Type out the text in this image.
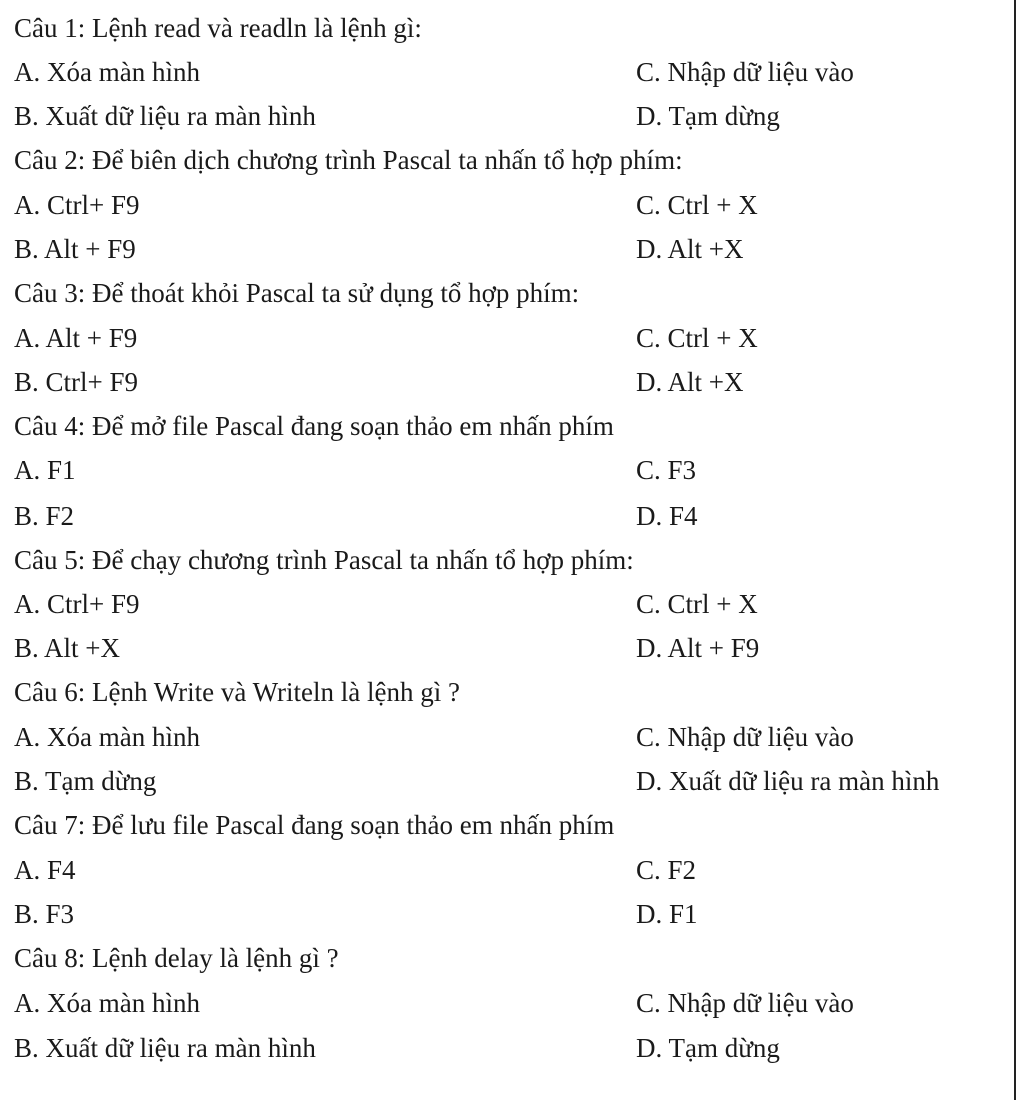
Câu 1: Lệnh read và readln là lệnh gì:
A. Xóa màn hình	C. Nhập dữ liệu vào
B. Xuất dữ liệu ra màn hình	D. Tạm dừng
Câu 2: Để biên dịch chương trình Pascal ta nhấn tổ hợp phím:
A. Ctrl+ F9	C. Ctrl + X
B. Alt + F9	D. Alt +X
Câu 3: Để thoát khỏi Pascal ta sử dụng tổ hợp phím:
A. Alt + F9	C. Ctrl + X
B. Ctrl+ F9	D. Alt +X
Câu 4: Để mở file Pascal đang soạn thảo em nhấn phím
A. F1	C. F3
B. F2	D. F4
Câu 5: Để chạy chương trình Pascal ta nhấn tổ hợp phím:
A. Ctrl+ F9	C. Ctrl + X
B. Alt +X	D. Alt + F9
Câu 6: Lệnh Write và Writeln là lệnh gì ?
A. Xóa màn hình	C. Nhập dữ liệu vào
B. Tạm dừng	D. Xuất dữ liệu ra màn hình
Câu 7: Để lưu file Pascal đang soạn thảo em nhấn phím
A. F4	C. F2
B. F3	D. F1
Câu 8: Lệnh delay là lệnh gì ?
A. Xóa màn hình	C. Nhập dữ liệu vào
B. Xuất dữ liệu ra màn hình	D. Tạm dừng
